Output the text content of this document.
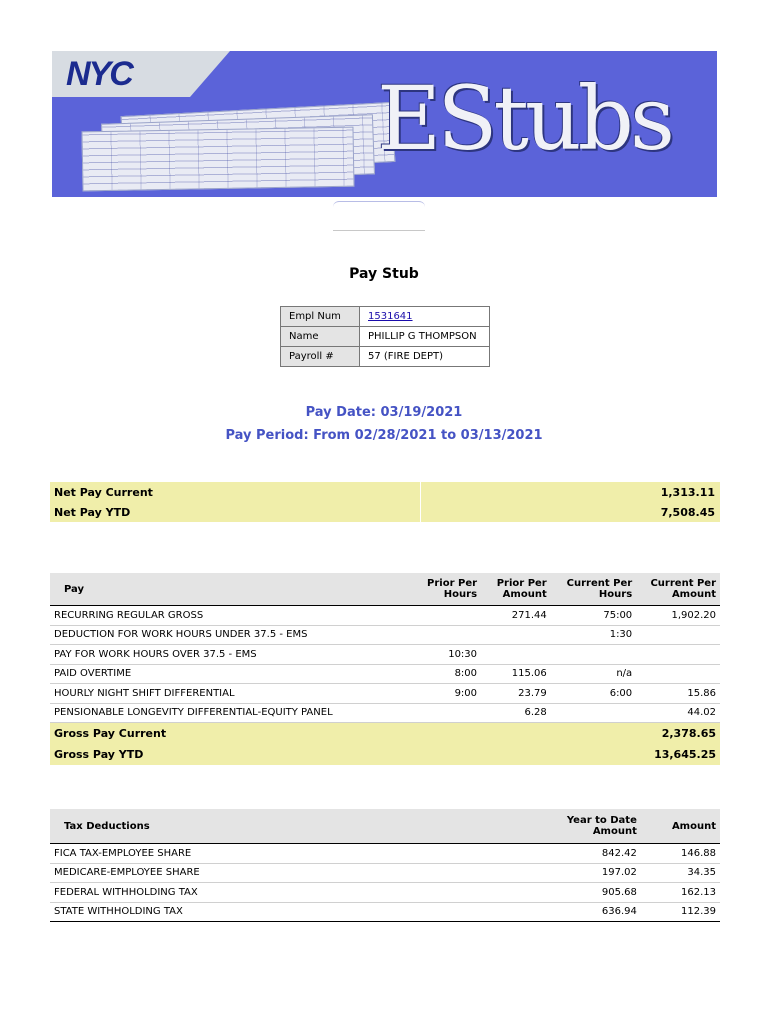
NYC	EStubs
Pay Stub
Empl Num	1531641
Name	PHILLIP G THOMPSON
Payroll #	57 (FIRE DEPT)
Pay Date: 03/19/2021
Pay Period: From 02/28/2021 to 03/13/2021
Net Pay Current	1,313.11
Net Pay YTD	7,508.45
Pay	Prior Per Hours	Prior Per Amount	Current Per Hours	Current Per Amount
RECURRING REGULAR GROSS		271.44	75:00	1,902.20
DEDUCTION FOR WORK HOURS UNDER 37.5 - EMS			1:30	
PAY FOR WORK HOURS OVER 37.5 - EMS	10:30			
PAID OVERTIME	8:00	115.06	n/a	
HOURLY NIGHT SHIFT DIFFERENTIAL	9:00	23.79	6:00	15.86
PENSIONABLE LONGEVITY DIFFERENTIAL-EQUITY PANEL		6.28		44.02
Gross Pay Current				2,378.65
Gross Pay YTD				13,645.25
Tax Deductions	Year to Date Amount	Amount
FICA TAX-EMPLOYEE SHARE	842.42	146.88
MEDICARE-EMPLOYEE SHARE	197.02	34.35
FEDERAL WITHHOLDING TAX	905.68	162.13
STATE WITHHOLDING TAX	636.94	112.39
